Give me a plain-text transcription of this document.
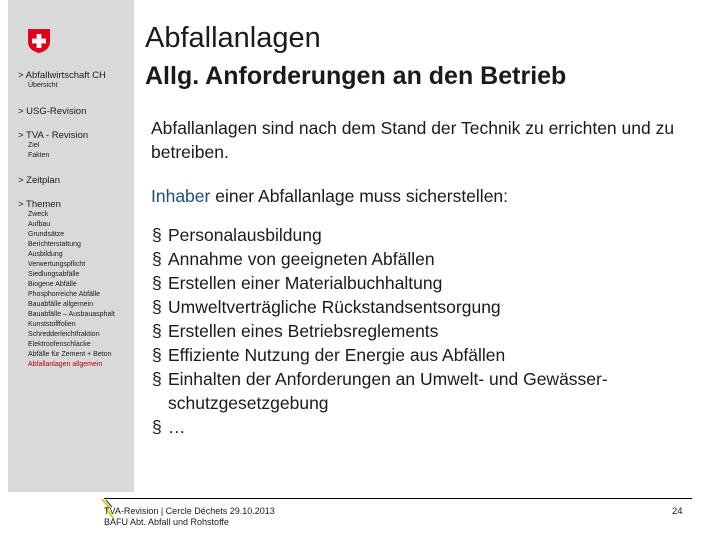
> Abfallwirtschaft CH
Übersicht
> USG-Revision
> TVA - Revision
Ziel
Fakten
> Zeitplan
> Themen
Zweck
Aufbau
Grundsätze
Berichterstattung
Ausbildung
Verwertungspflicht
Siedlungsabfälle
Biogene Abfälle
Phosphorreiche Abfälle
Bauabfälle allgemein
Bauabfälle – Ausbauasphalt
Kunststofffolien
Schredderleichtfraktion
Elektroofenschlacke
Abfälle für Zement + Beton
Abfallanlagen allgemein
Abfallanlagen
Allg. Anforderungen an den Betrieb
Abfallanlagen sind nach dem Stand der Technik zu errichten und zu betreiben.
Inhaber einer Abfallanlage muss sicherstellen:
§ Personalausbildung
§ Annahme von geeigneten Abfällen
§ Erstellen einer Materialbuchhaltung
§ Umweltverträgliche Rückstandsentsorgung
§ Erstellen eines Betriebsreglements
§ Effiziente Nutzung der Energie aus Abfällen
§ Einhalten der Anforderungen an Umwelt- und Gewässer-schutzgesetzgebung
§ …
TVA-Revision | Cercle Déchets 29.10.2013
BAFU Abt. Abfall und Rohstoffe
24
